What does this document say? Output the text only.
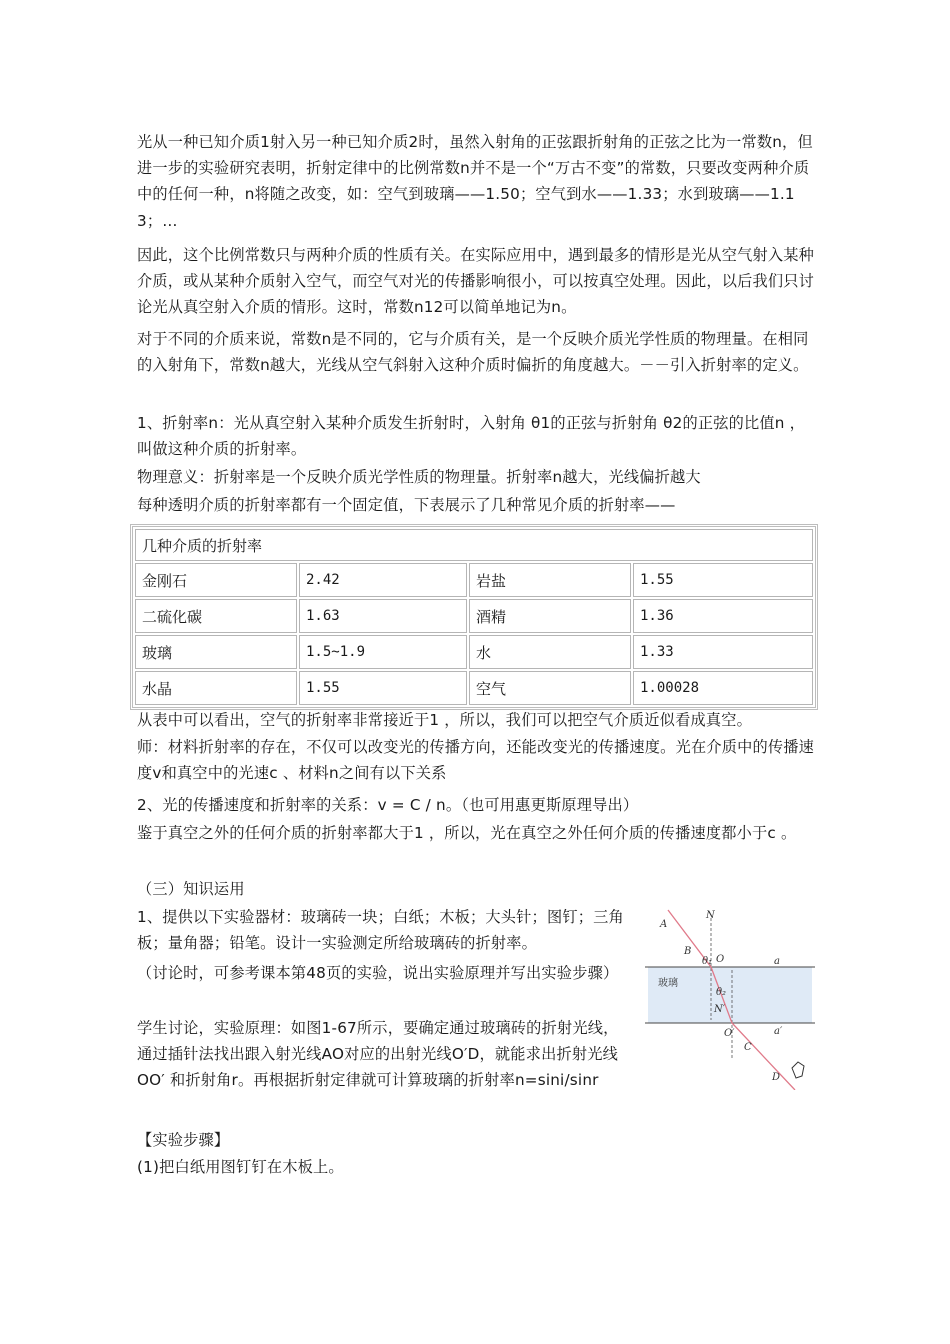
光从一种已知介质1射入另一种已知介质2时，虽然入射角的正弦跟折射角的正弦之比为一常数n，但进一步的实验研究表明，折射定律中的比例常数n并不是一个“万古不变”的常数，只要改变两种介质中的任何一种，n将随之改变，如：空气到玻璃——1.50；空气到水——1.33；水到玻璃——1.13；…

因此，这个比例常数只与两种介质的性质有关。在实际应用中，遇到最多的情形是光从空气射入某种介质，或从某种介质射入空气，而空气对光的传播影响很小，可以按真空处理。因此，以后我们只讨论光从真空射入介质的情形。这时，常数n12可以简单地记为n。

对于不同的介质来说，常数n是不同的，它与介质有关，是一个反映介质光学性质的物理量。在相同的入射角下，常数n越大，光线从空气斜射入这种介质时偏折的角度越大。－－引入折射率的定义。

1、折射率n：光从真空射入某种介质发生折射时，入射角 θ1的正弦与折射角 θ2的正弦的比值n ，叫做这种介质的折射率。

物理意义：折射率是一个反映介质光学性质的物理量。折射率n越大，光线偏折越大

每种透明介质的折射率都有一个固定值，下表展示了几种常见介质的折射率——

几种介质的折射率			
金刚石	2.42	岩盐	1.55
二硫化碳	1.63	酒精	1.36
玻璃	1.5~1.9	水	1.33
水晶	1.55	空气	1.00028

从表中可以看出，空气的折射率非常接近于1 ，所以，我们可以把空气介质近似看成真空。

师：材料折射率的存在，不仅可以改变光的传播方向，还能改变光的传播速度。光在介质中的传播速度v和真空中的光速c 、材料n之间有以下关系

2、光的传播速度和折射率的关系：v = C / n。（也可用惠更斯原理导出）

鉴于真空之外的任何介质的折射率都大于1 ，所以，光在真空之外任何介质的传播速度都小于c 。

（三）知识运用

1、提供以下实验器材：玻璃砖一块；白纸；木板；大头针；图钉；三角板；量角器；铅笔。设计一实验测定所给玻璃砖的折射率。

（讨论时，可参考课本第48页的实验，说出实验原理并写出实验步骤）

学生讨论，实验原理：如图1-67所示，要确定通过玻璃砖的折射光线，通过插针法找出跟入射光线AO对应的出射光线O′D，就能求出折射光线OO′ 和折射角r。再根据折射定律就可计算玻璃的折射率n=sini/sinr

【实验步骤】

(1)把白纸用图钉钉在木板上。

A
B
N
θ₁ O	a
玻璃
θ₂
N′
O′	a′
C
D
